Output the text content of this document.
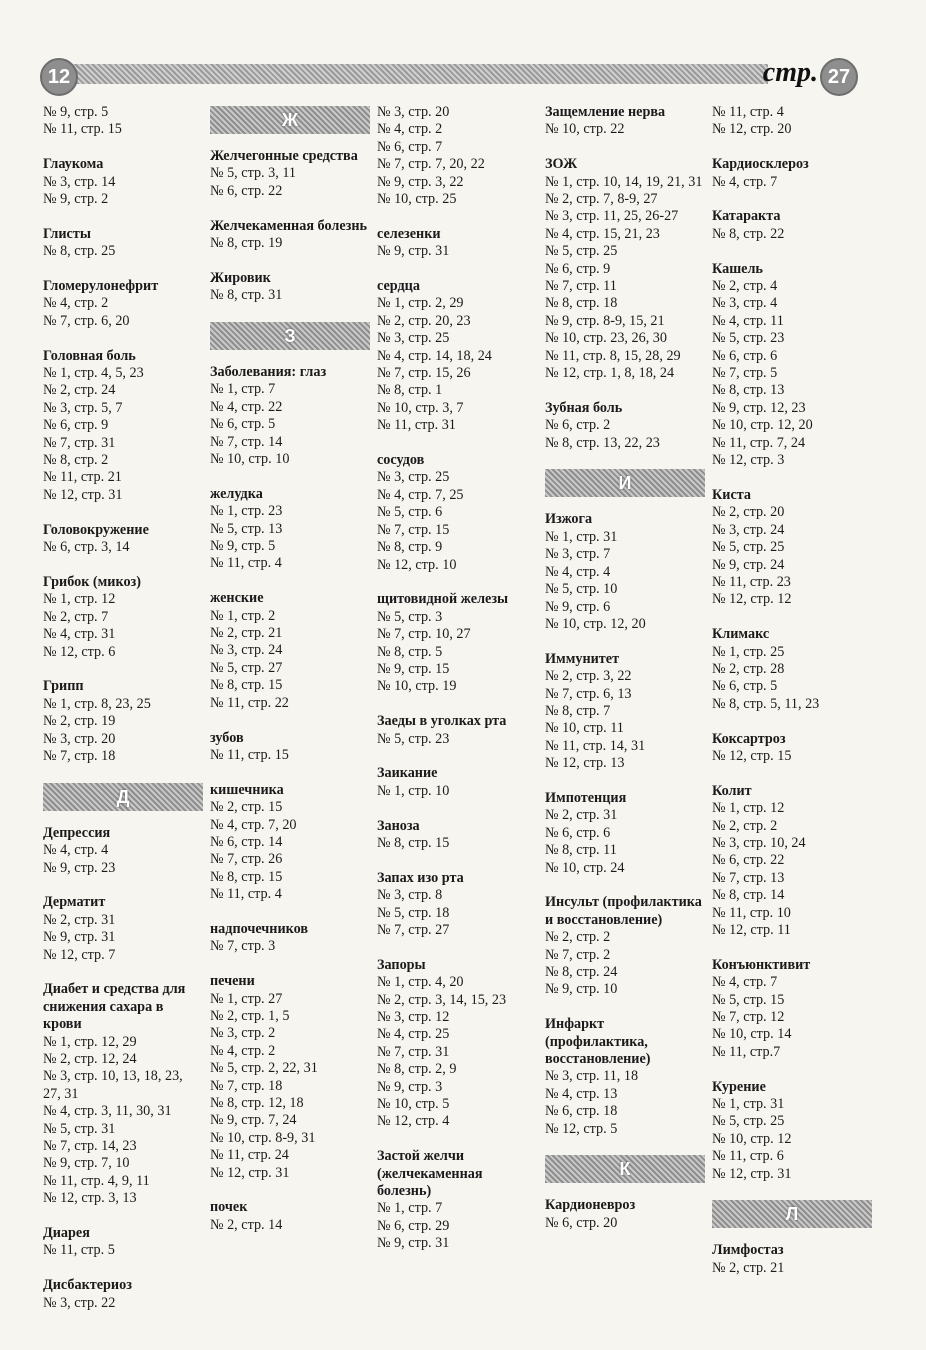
12	стр. 27
№ 9, стр. 5
№ 11, стр. 15
Глаукома
№ 3, стр. 14
№ 9, стр. 2
Глисты
№ 8, стр. 25
Гломерулонефрит
№ 4, стр. 2
№ 7, стр. 6, 20
Головная боль
№ 1, стр. 4, 5, 23
№ 2, стр. 24
№ 3, стр. 5, 7
№ 6, стр. 9
№ 7, стр. 31
№ 8, стр. 2
№ 11, стр. 21
№ 12, стр. 31
Головокружение
№ 6, стр. 3, 14
Грибок (микоз)
№ 1, стр. 12
№ 2, стр. 7
№ 4, стр. 31
№ 12, стр. 6
Грипп
№ 1, стр. 8, 23, 25
№ 2, стр. 19
№ 3, стр. 20
№ 7, стр. 18
Д
Депрессия
№ 4, стр. 4
№ 9, стр. 23
Дерматит
№ 2, стр. 31
№ 9, стр. 31
№ 12, стр. 7
Диабет и средства для снижения сахара в крови
№ 1, стр. 12, 29
№ 2, стр. 12, 24
№ 3, стр. 10, 13, 18, 23, 27, 31
№ 4, стр. 3, 11, 30, 31
№ 5, стр. 31
№ 7, стр. 14, 23
№ 9, стр. 7, 10
№ 11, стр. 4, 9, 11
№ 12, стр. 3, 13
Диарея
№ 11, стр. 5
Дисбактериоз
№ 3, стр. 22
Ж
Желчегонные средства
№ 5, стр. 3, 11
№ 6, стр. 22
Желчекаменная болезнь
№ 8, стр. 19
Жировик
№ 8, стр. 31
З
Заболевания: глаз
№ 1, стр. 7
№ 4, стр. 22
№ 6, стр. 5
№ 7, стр. 14
№ 10, стр. 10
желудка
№ 1, стр. 23
№ 5, стр. 13
№ 9, стр. 5
№ 11, стр. 4
женские
№ 1, стр. 2
№ 2, стр. 21
№ 3, стр. 24
№ 5, стр. 27
№ 8, стр. 15
№ 11, стр. 22
зубов
№ 11, стр. 15
кишечника
№ 2, стр. 15
№ 4, стр. 7, 20
№ 6, стр. 14
№ 7, стр. 26
№ 8, стр. 15
№ 11, стр. 4
надпочечников
№ 7, стр. 3
печени
№ 1, стр. 27
№ 2, стр. 1, 5
№ 3, стр. 2
№ 4, стр. 2
№ 5, стр. 2, 22, 31
№ 7, стр. 18
№ 8, стр. 12, 18
№ 9, стр. 7, 24
№ 10, стр. 8-9, 31
№ 11, стр. 24
№ 12, стр. 31
почек
№ 2, стр. 14
№ 3, стр. 20
№ 4, стр. 2
№ 6, стр. 7
№ 7, стр. 7, 20, 22
№ 9, стр. 3, 22
№ 10, стр. 25
селезенки
№ 9, стр. 31
сердца
№ 1, стр. 2, 29
№ 2, стр. 20, 23
№ 3, стр. 25
№ 4, стр. 14, 18, 24
№ 7, стр. 15, 26
№ 8, стр. 1
№ 10, стр. 3, 7
№ 11, стр. 31
сосудов
№ 3, стр. 25
№ 4, стр. 7, 25
№ 5, стр. 6
№ 7, стр. 15
№ 8, стр. 9
№ 12, стр. 10
щитовидной железы
№ 5, стр. 3
№ 7, стр. 10, 27
№ 8, стр. 5
№ 9, стр. 15
№ 10, стр. 19
Заеды в уголках рта
№ 5, стр. 23
Заикание
№ 1, стр. 10
Заноза
№ 8, стр. 15
Запах изо рта
№ 3, стр. 8
№ 5, стр. 18
№ 7, стр. 27
Запоры
№ 1, стр. 4, 20
№ 2, стр. 3, 14, 15, 23
№ 3, стр. 12
№ 4, стр. 25
№ 7, стр. 31
№ 8, стр. 2, 9
№ 9, стр. 3
№ 10, стр. 5
№ 12, стр. 4
Застой желчи (желчекаменная болезнь)
№ 1, стр. 7
№ 6, стр. 29
№ 9, стр. 31
Защемление нерва
№ 10, стр. 22
ЗОЖ
№ 1, стр. 10, 14, 19, 21, 31
№ 2, стр. 7, 8-9, 27
№ 3, стр. 11, 25, 26-27
№ 4, стр. 15, 21, 23
№ 5, стр. 25
№ 6, стр. 9
№ 7, стр. 11
№ 8, стр. 18
№ 9, стр. 8-9, 15, 21
№ 10, стр. 23, 26, 30
№ 11, стр. 8, 15, 28, 29
№ 12, стр. 1, 8, 18, 24
Зубная боль
№ 6, стр. 2
№ 8, стр. 13, 22, 23
И
Изжога
№ 1, стр. 31
№ 3, стр. 7
№ 4, стр. 4
№ 5, стр. 10
№ 9, стр. 6
№ 10, стр. 12, 20
Иммунитет
№ 2, стр. 3, 22
№ 7, стр. 6, 13
№ 8, стр. 7
№ 10, стр. 11
№ 11, стр. 14, 31
№ 12, стр. 13
Импотенция
№ 2, стр. 31
№ 6, стр. 6
№ 8, стр. 11
№ 10, стр. 24
Инсульт (профилактика и восстановление)
№ 2, стр. 2
№ 7, стр. 2
№ 8, стр. 24
№ 9, стр. 10
Инфаркт (профилактика, восстановление)
№ 3, стр. 11, 18
№ 4, стр. 13
№ 6, стр. 18
№ 12, стр. 5
К
Кардионевроз
№ 6, стр. 20
№ 11, стр. 4
№ 12, стр. 20
Кардиосклероз
№ 4, стр. 7
Катаракта
№ 8, стр. 22
Кашель
№ 2, стр. 4
№ 3, стр. 4
№ 4, стр. 11
№ 5, стр. 23
№ 6, стр. 6
№ 7, стр. 5
№ 8, стр. 13
№ 9, стр. 12, 23
№ 10, стр. 12, 20
№ 11, стр. 7, 24
№ 12, стр. 3
Киста
№ 2, стр. 20
№ 3, стр. 24
№ 5, стр. 25
№ 9, стр. 24
№ 11, стр. 23
№ 12, стр. 12
Климакс
№ 1, стр. 25
№ 2, стр. 28
№ 6, стр. 5
№ 8, стр. 5, 11, 23
Коксартроз
№ 12, стр. 15
Колит
№ 1, стр. 12
№ 2, стр. 2
№ 3, стр. 10, 24
№ 6, стр. 22
№ 7, стр. 13
№ 8, стр. 14
№ 11, стр. 10
№ 12, стр. 11
Конъюнктивит
№ 4, стр. 7
№ 5, стр. 15
№ 7, стр. 12
№ 10, стр. 14
№ 11, стр.7
Курение
№ 1, стр. 31
№ 5, стр. 25
№ 10, стр. 12
№ 11, стр. 6
№ 12, стр. 31
Л
Лимфостаз
№ 2, стр. 21
